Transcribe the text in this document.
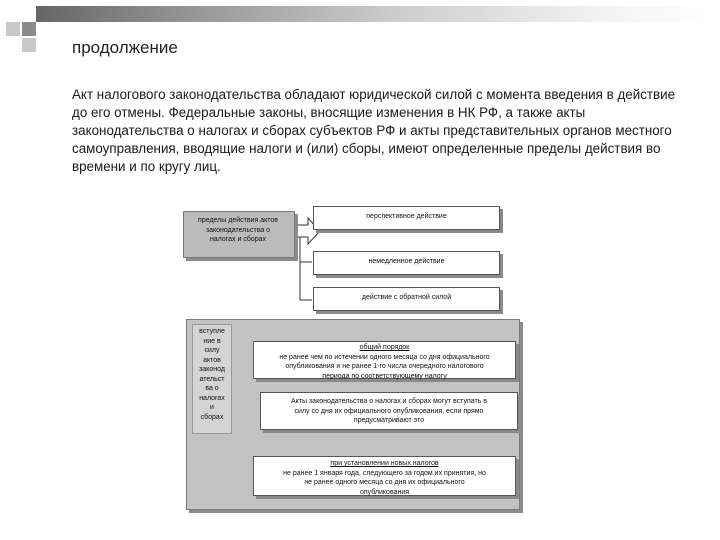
продолжение
Акт налогового законодательства обладают юридической силой с момента введения в действие до его отмены. Федеральные законы, вносящие изменения в НК РФ, а также акты законодательства о налогах и сборах субъектов РФ и акты представительных органов местного самоуправления, вводящие налоги и (или) сборы, имеют определенные пределы действия во времени и по кругу лиц.
пределы действия актов
законодательства о
налогах и сборах
перспективное действие
немедленное действие
действие с обратной силой
вступле
ние в
силу
актов
законод
ательст
ва о
налогах
и
сборах
общий порядок
не ранее чем по истечении одного месяца со дня официального
опубликования и не ранее 1-го числа очередного налогового
периода по соответствующему налогу
Акты законодательства о налогах и сборах могут вступать в
силу со дня их официального опубликования, если прямо
предусматривают это
при установлении новых налогов
не ранее 1 января года, следующего за годом их принятия, но
не ранее одного месяца со дня их официального
опубликования
